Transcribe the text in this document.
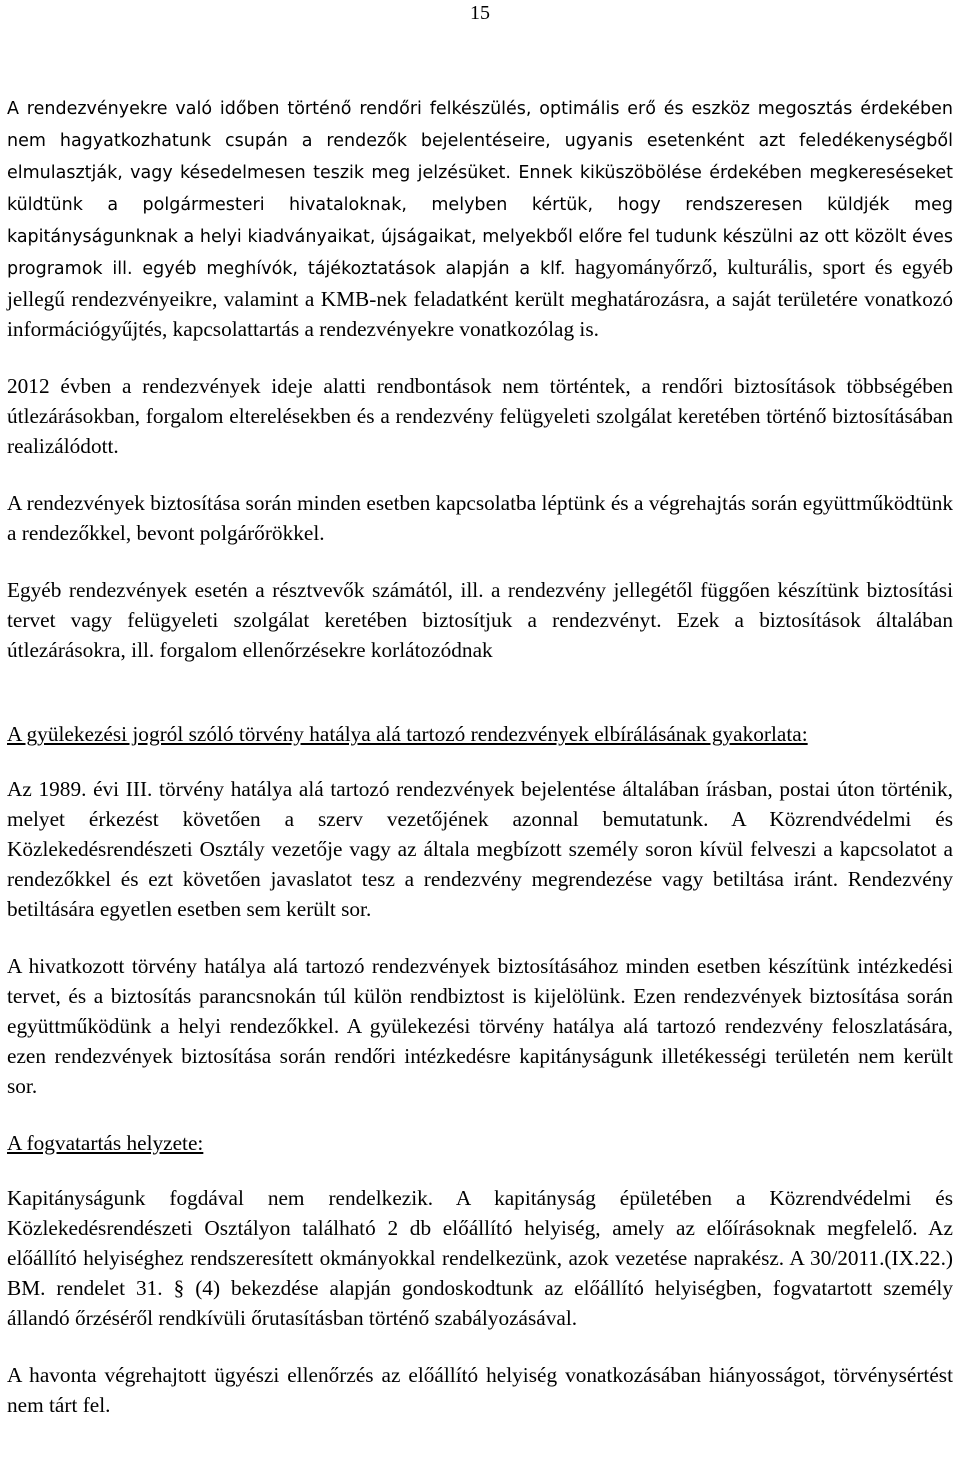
15

A rendezvényekre való időben történő rendőri felkészülés, optimális erő és eszköz megosztás érdekében nem hagyatkozhatunk csupán a rendezők bejelentéseire, ugyanis esetenként azt feledékenységből elmulasztják, vagy késedelmesen teszik meg jelzésüket. Ennek kiküszöbölése érdekében megkereséseket küldtünk a polgármesteri hivataloknak, melyben kértük, hogy rendszeresen küldjék meg kapitányságunknak a helyi kiadványaikat, újságaikat, melyekből előre fel tudunk készülni az ott közölt éves programok ill. egyéb meghívók, tájékoztatások alapján a klf. hagyományőrző, kulturális, sport és egyéb jellegű rendezvényeikre, valamint a KMB-nek feladatként került meghatározásra, a saját területére vonatkozó információgyűjtés, kapcsolattartás a rendezvényekre vonatkozólag is.

2012 évben a rendezvények ideje alatti rendbontások nem történtek, a rendőri biztosítások többségében útlezárásokban, forgalom elterelésekben és a rendezvény felügyeleti szolgálat keretében történő biztosításában realizálódott.

A rendezvények biztosítása során minden esetben kapcsolatba léptünk és a végrehajtás során együttműködtünk a rendezőkkel, bevont polgárőrökkel.

Egyéb rendezvények esetén a résztvevők számától, ill. a rendezvény jellegétől függően készítünk biztosítási tervet vagy felügyeleti szolgálat keretében biztosítjuk a rendezvényt. Ezek a biztosítások általában útlezárásokra, ill. forgalom ellenőrzésekre korlátozódnak

A gyülekezési jogról szóló törvény hatálya alá tartozó rendezvények elbírálásának gyakorlata:

Az 1989. évi III. törvény hatálya alá tartozó rendezvények bejelentése általában írásban, postai úton történik, melyet érkezést követően a szerv vezetőjének azonnal bemutatunk. A Közrendvédelmi és Közlekedésrendészeti Osztály vezetője vagy az általa megbízott személy soron kívül felveszi a kapcsolatot a rendezőkkel és ezt követően javaslatot tesz a rendezvény megrendezése vagy betiltása iránt. Rendezvény betiltására egyetlen esetben sem került sor.

A hivatkozott törvény hatálya alá tartozó rendezvények biztosításához minden esetben készítünk intézkedési tervet, és a biztosítás parancsnokán túl külön rendbiztost is kijelölünk. Ezen rendezvények biztosítása során együttműködünk a helyi rendezőkkel. A gyülekezési törvény hatálya alá tartozó rendezvény feloszlatására, ezen rendezvények biztosítása során rendőri intézkedésre kapitányságunk illetékességi területén nem került sor.

A fogvatartás helyzete:

Kapitányságunk fogdával nem rendelkezik. A kapitányság épületében a Közrendvédelmi és Közlekedésrendészeti Osztályon található 2 db előállító helyiség, amely az előírásoknak megfelelő. Az előállító helyiséghez rendszeresített okmányokkal rendelkezünk, azok vezetése naprakész. A 30/2011.(IX.22.) BM. rendelet 31. § (4) bekezdése alapján gondoskodtunk az előállító helyiségben, fogvatartott személy állandó őrzéséről rendkívüli őrutasításban történő szabályozásával.

A havonta végrehajtott ügyészi ellenőrzés az előállító helyiség vonatkozásában hiányosságot, törvénysértést nem tárt fel.
